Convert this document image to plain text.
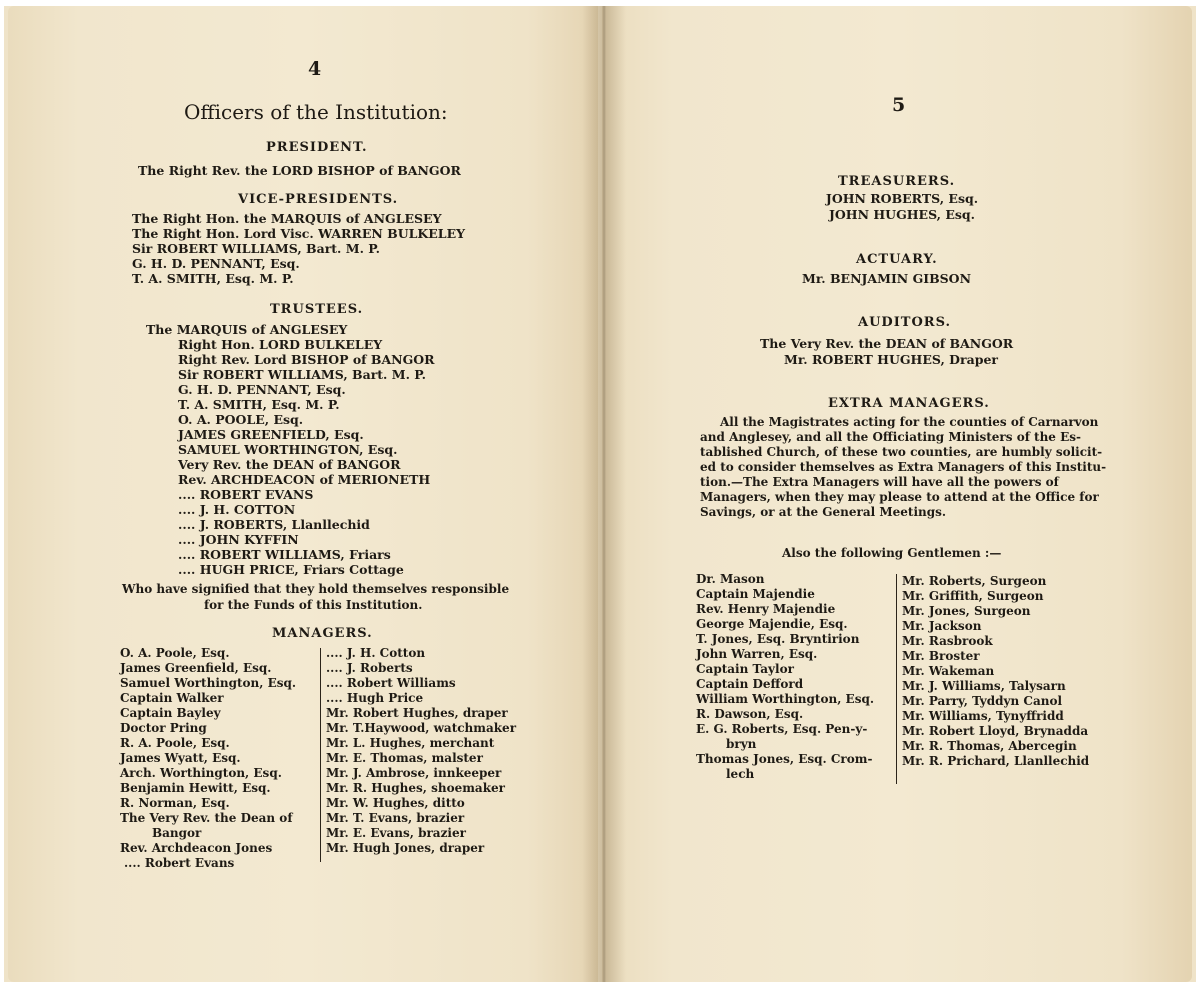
4
Officers of the Institution:
PRESIDENT.
The Right Rev. the LORD BISHOP of BANGOR
VICE-PRESIDENTS.
The Right Hon. the MARQUIS of ANGLESEY
The Right Hon. Lord Visc. WARREN BULKELEY
Sir ROBERT WILLIAMS, Bart. M. P.
G. H. D. PENNANT, Esq.
T. A. SMITH, Esq. M. P.
TRUSTEES.
The MARQUIS of ANGLESEY
Right Hon. LORD BULKELEY
Right Rev. Lord BISHOP of BANGOR
Sir ROBERT WILLIAMS, Bart. M. P.
G. H. D. PENNANT, Esq.
T. A. SMITH, Esq. M. P.
O. A. POOLE, Esq.
JAMES GREENFIELD, Esq.
SAMUEL WORTHINGTON, Esq.
Very Rev. the DEAN of BANGOR
Rev. ARCHDEACON of MERIONETH
.... ROBERT EVANS
.... J. H. COTTON
.... J. ROBERTS, Llanllechid
.... JOHN KYFFIN
.... ROBERT WILLIAMS, Friars
.... HUGH PRICE, Friars Cottage
Who have signified that they hold themselves responsible
for the Funds of this Institution.
MANAGERS.
O. A. Poole, Esq.
James Greenfield, Esq.
Samuel Worthington, Esq.
Captain Walker
Captain Bayley
Doctor Pring
R. A. Poole, Esq.
James Wyatt, Esq.
Arch. Worthington, Esq.
Benjamin Hewitt, Esq.
R. Norman, Esq.
The Very Rev. the Dean of
Bangor
Rev. Archdeacon Jones
.... Robert Evans
.... J. H. Cotton
.... J. Roberts
.... Robert Williams
.... Hugh Price
Mr. Robert Hughes, draper
Mr. T.Haywood, watchmaker
Mr. L. Hughes, merchant
Mr. E. Thomas, malster
Mr. J. Ambrose, innkeeper
Mr. R. Hughes, shoemaker
Mr. W. Hughes, ditto
Mr. T. Evans, brazier
Mr. E. Evans, brazier
Mr. Hugh Jones, draper
5
TREASURERS.
JOHN ROBERTS, Esq.
JOHN HUGHES, Esq.
ACTUARY.
Mr. BENJAMIN GIBSON
AUDITORS.
The Very Rev. the DEAN of BANGOR
Mr. ROBERT HUGHES, Draper
EXTRA MANAGERS.
All the Magistrates acting for the counties of Carnarvon
and Anglesey, and all the Officiating Ministers of the Es-
tablished Church, of these two counties, are humbly solicit-
ed to consider themselves as Extra Managers of this Institu-
tion.—The Extra Managers will have all the powers of
Managers, when they may please to attend at the Office for
Savings, or at the General Meetings.
Also the following Gentlemen :—
Dr. Mason
Captain Majendie
Rev. Henry Majendie
George Majendie, Esq.
T. Jones, Esq. Bryntirion
John Warren, Esq.
Captain Taylor
Captain Defford
William Worthington, Esq.
R. Dawson, Esq.
E. G. Roberts, Esq. Pen-y-
bryn
Thomas Jones, Esq. Crom-
lech
Mr. Roberts, Surgeon
Mr. Griffith, Surgeon
Mr. Jones, Surgeon
Mr. Jackson
Mr. Rasbrook
Mr. Broster
Mr. Wakeman
Mr. J. Williams, Talysarn
Mr. Parry, Tyddyn Canol
Mr. Williams, Tynyffridd
Mr. Robert Lloyd, Brynadda
Mr. R. Thomas, Abercegin
Mr. R. Prichard, Llanllechid
